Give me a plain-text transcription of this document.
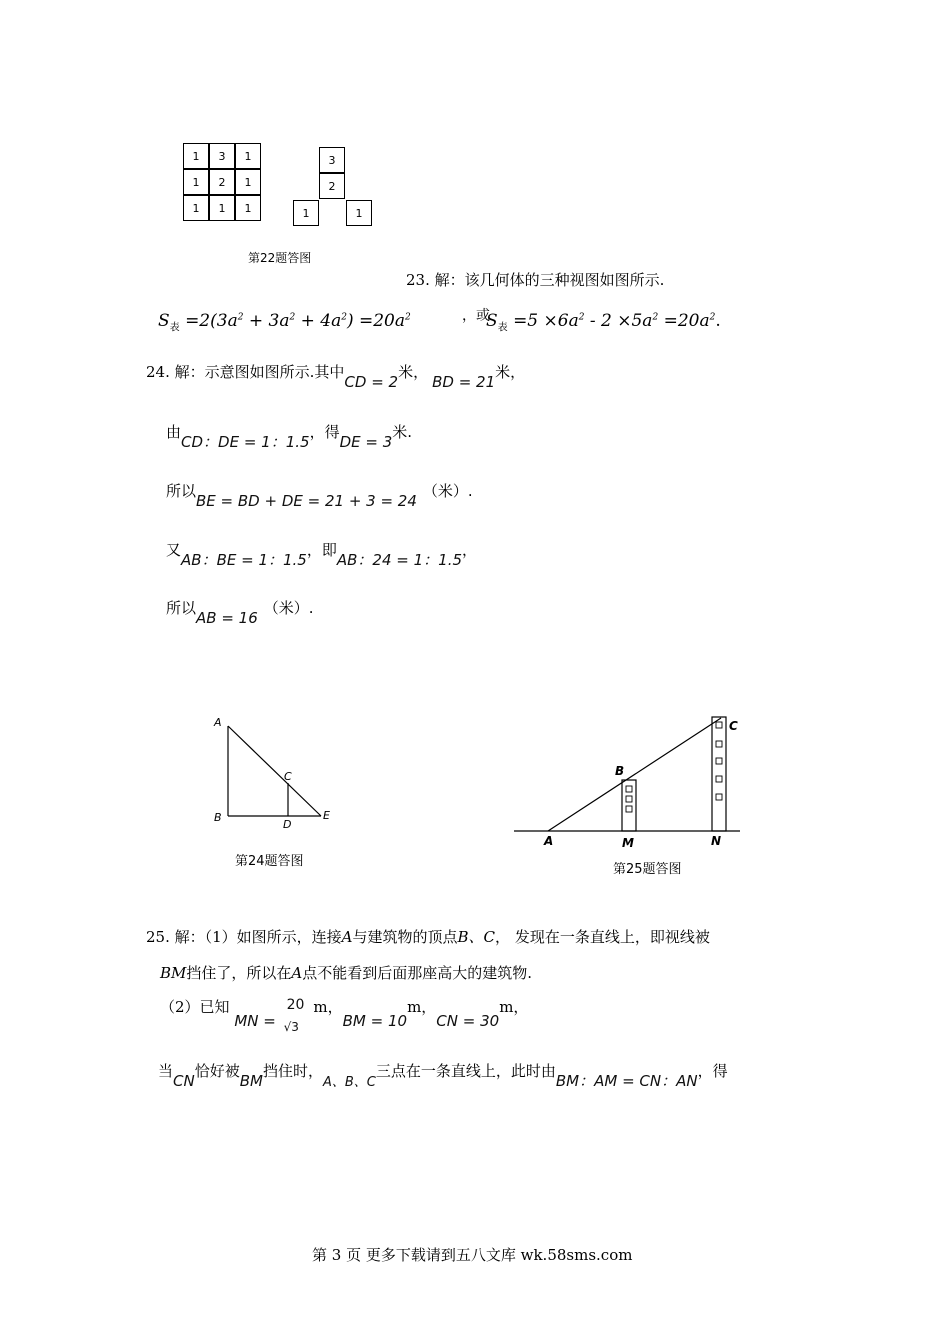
1	3	1
1	2	1
1	1	1
3
2
1	1
第22题答图
23. 解：该几何体的三种视图如图所示.
$S_表 =2(3a^2 + 3a^2 + 4a^2) =20a^2$	，或
$S_表 =5 \times 6a^2 - 2 \times 5a^2 =20a^2$.
24. 解：示意图如图所示.其中CD = 2米，BD = 21米，
由CD：DE = 1：1.5，得DE = 3米.
所以BE = BD + DE = 21 + 3 = 24（米）.
又AB：BE = 1：1.5，即AB：24 = 1：1.5，
所以AB = 16（米）.
A
B
C
D
E
第24题答图
A
B
C
M	N
第25题答图
25. 解：（1）如图所示，连接A与建筑物的顶点B、C， 发现在一条直线上，即视线被
BM挡住了，所以在A点不能看到后面那座高大的建筑物.
（2）已知 MN =
20
√3
m，BM = 10m，CN = 30m，
当CN恰好被BM挡住时，A、B、C三点在一条直线上，此时由BM：AM = CN：AN，得
第 3 页 更多下载请到五八文库 wk.58sms.com
